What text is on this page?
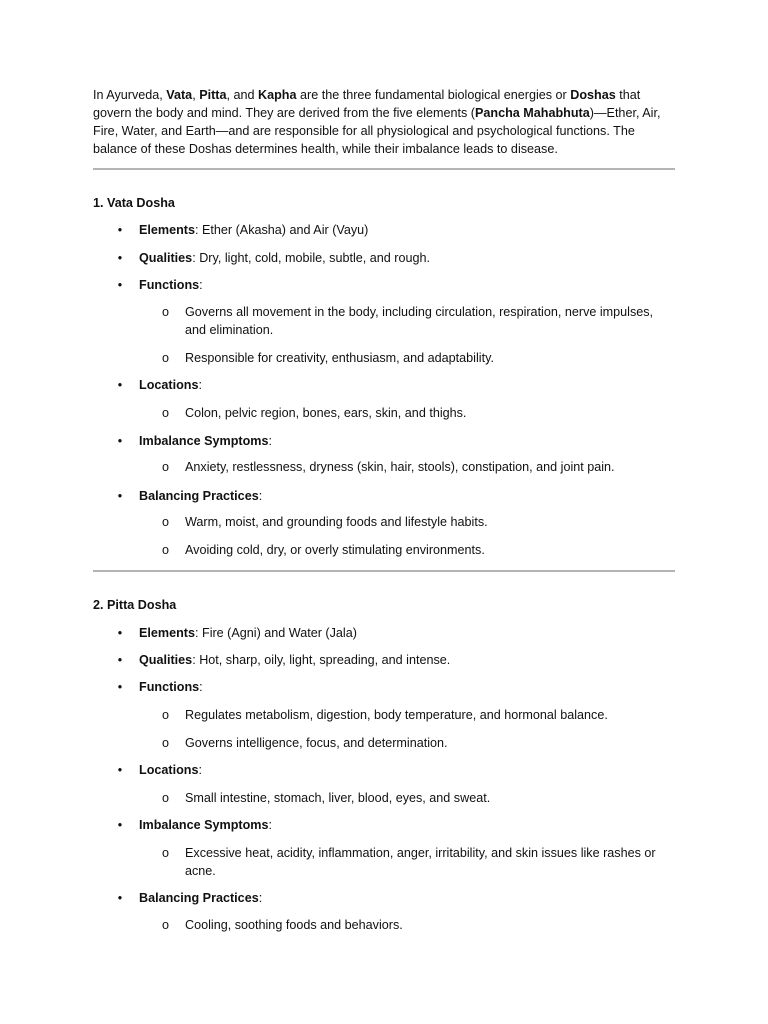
In Ayurveda, Vata, Pitta, and Kapha are the three fundamental biological energies or Doshas that govern the body and mind. They are derived from the five elements (Pancha Mahabhuta)—Ether, Air, Fire, Water, and Earth—and are responsible for all physiological and psychological functions. The balance of these Doshas determines health, while their imbalance leads to disease.

1. Vata Dosha

• Elements: Ether (Akasha) and Air (Vayu)
• Qualities: Dry, light, cold, mobile, subtle, and rough.
• Functions:
o Governs all movement in the body, including circulation, respiration, nerve impulses, and elimination.
o Responsible for creativity, enthusiasm, and adaptability.
• Locations:
o Colon, pelvic region, bones, ears, skin, and thighs.
• Imbalance Symptoms:
o Anxiety, restlessness, dryness (skin, hair, stools), constipation, and joint pain.
• Balancing Practices:
o Warm, moist, and grounding foods and lifestyle habits.
o Avoiding cold, dry, or overly stimulating environments.

2. Pitta Dosha

• Elements: Fire (Agni) and Water (Jala)
• Qualities: Hot, sharp, oily, light, spreading, and intense.
• Functions:
o Regulates metabolism, digestion, body temperature, and hormonal balance.
o Governs intelligence, focus, and determination.
• Locations:
o Small intestine, stomach, liver, blood, eyes, and sweat.
• Imbalance Symptoms:
o Excessive heat, acidity, inflammation, anger, irritability, and skin issues like rashes or acne.
• Balancing Practices:
o Cooling, soothing foods and behaviors.
